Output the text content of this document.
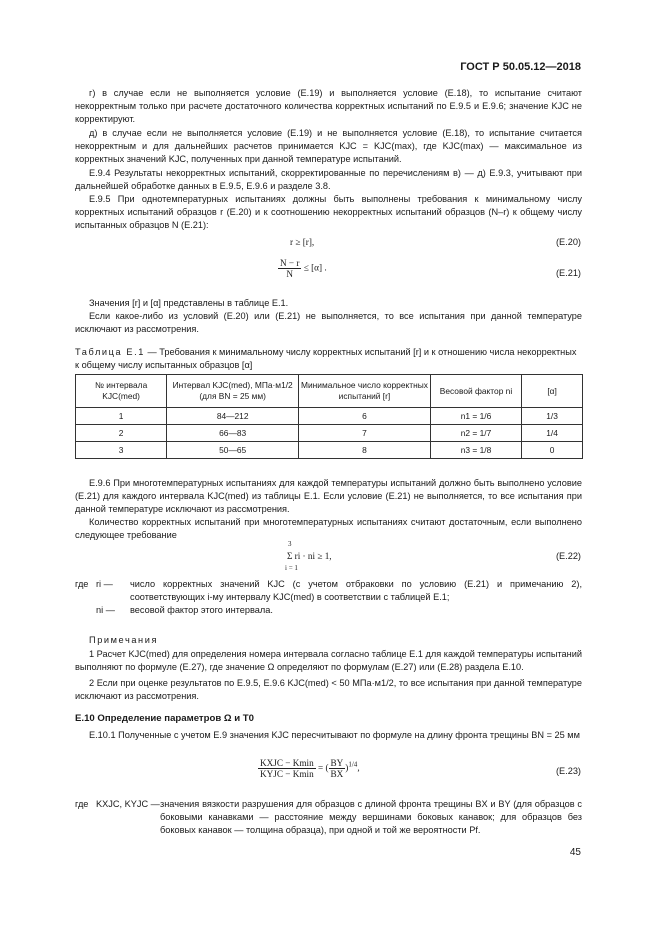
ГОСТ Р 50.05.12—2018
г) в случае если не выполняется условие (Е.19) и выполняется условие (Е.18), то испытание считают некорректным только при расчете достаточного количества корректных испытаний по Е.9.5 и Е.9.6; значение KJC не корректируют.
д) в случае если не выполняется условие (Е.19) и не выполняется условие (Е.18), то испытание считается некорректным и для дальнейших расчетов принимается KJC = KJC(max), где KJC(max) — максимальное из корректных значений KJC, полученных при данной температуре испытаний.
Е.9.4 Результаты некорректных испытаний, скорректированные по перечислениям в) — д) Е.9.3, учитывают при дальнейшей обработке данных в Е.9.5, Е.9.6 и разделе 3.8.
Е.9.5 При однотемпературных испытаниях должны быть выполнены требования к минимальному числу корректных испытаний образцов r (Е.20) и к соотношению некорректных испытаний образцов (N–r) к общему числу испытанных образцов N (Е.21):
r ≥ [r],	(Е.20)
$\frac{N - r}{N} \le [\alpha]$ .
(Е.21)
Значения [r] и [α] представлены в таблице Е.1.
Если какое-либо из условий (Е.20) или (Е.21) не выполняется, то все испытания при данной температуре исключают из рассмотрения.
Таблица Е.1 — Требования к минимальному числу корректных испытаний [r] и к отношению числа некорректных к общему числу испытанных образцов [α]
№ интервала KJC(med)	Интервал KJC(med), МПа·м1/2 (для BN = 25 мм)	Минимальное число корректных испытаний [r]	Весовой фактор ni	[α]
1	84—212	6	n1 = 1/6	1/3
2	66—83	7	n2 = 1/7	1/4
3	50—65	8	n3 = 1/8	0
Е.9.6 При многотемпературных испытаниях для каждой температуры испытаний должно быть выполнено условие (Е.21) для каждого интервала KJC(med) из таблицы Е.1. Если условие (Е.21) не выполняется, то все испытания при данной температуре исключают из рассмотрения.
Количество корректных испытаний при многотемпературных испытаниях считают достаточным, если выполнено следующее требование
3
Σ ri · ni ≥ 1,
i = 1
(Е.22)
где ri — число корректных значений KJC (с учетом отбраковки по условию (Е.21) и примечанию 2), соответствующих i-му интервалу KJC(med) в соответствии с таблицей Е.1;
ni — весовой фактор этого интервала.
Примечания
1 Расчет KJC(med) для определения номера интервала согласно таблице Е.1 для каждой температуры испытаний выполняют по формуле (Е.27), где значение Ω определяют по формулам (Е.27) или (Е.28) раздела Е.10.
2 Если при оценке результатов по Е.9.5, Е.9.6 KJC(med) < 50 МПа·м1/2, то все испытания при данной температуре исключают из рассмотрения.
Е.10 Определение параметров Ω и T0
Е.10.1 Полученные с учетом Е.9 значения KJC пересчитывают по формуле на длину фронта трещины BN = 25 мм
$\frac{\text{KXJC − Kmin}}{\text{KYJC − Kmin}}$ = ( $\frac{BY}{BX} )^{1/4}$,	(Е.23)
где KXJC, KYJC — значения вязкости разрушения для образцов с длиной фронта трещины BX и BY (для образцов с боковыми канавками — расстояние между вершинами боковых канавок; для образцов без боковых канавок — толщина образца), при одной и той же вероятности Pf.
45
